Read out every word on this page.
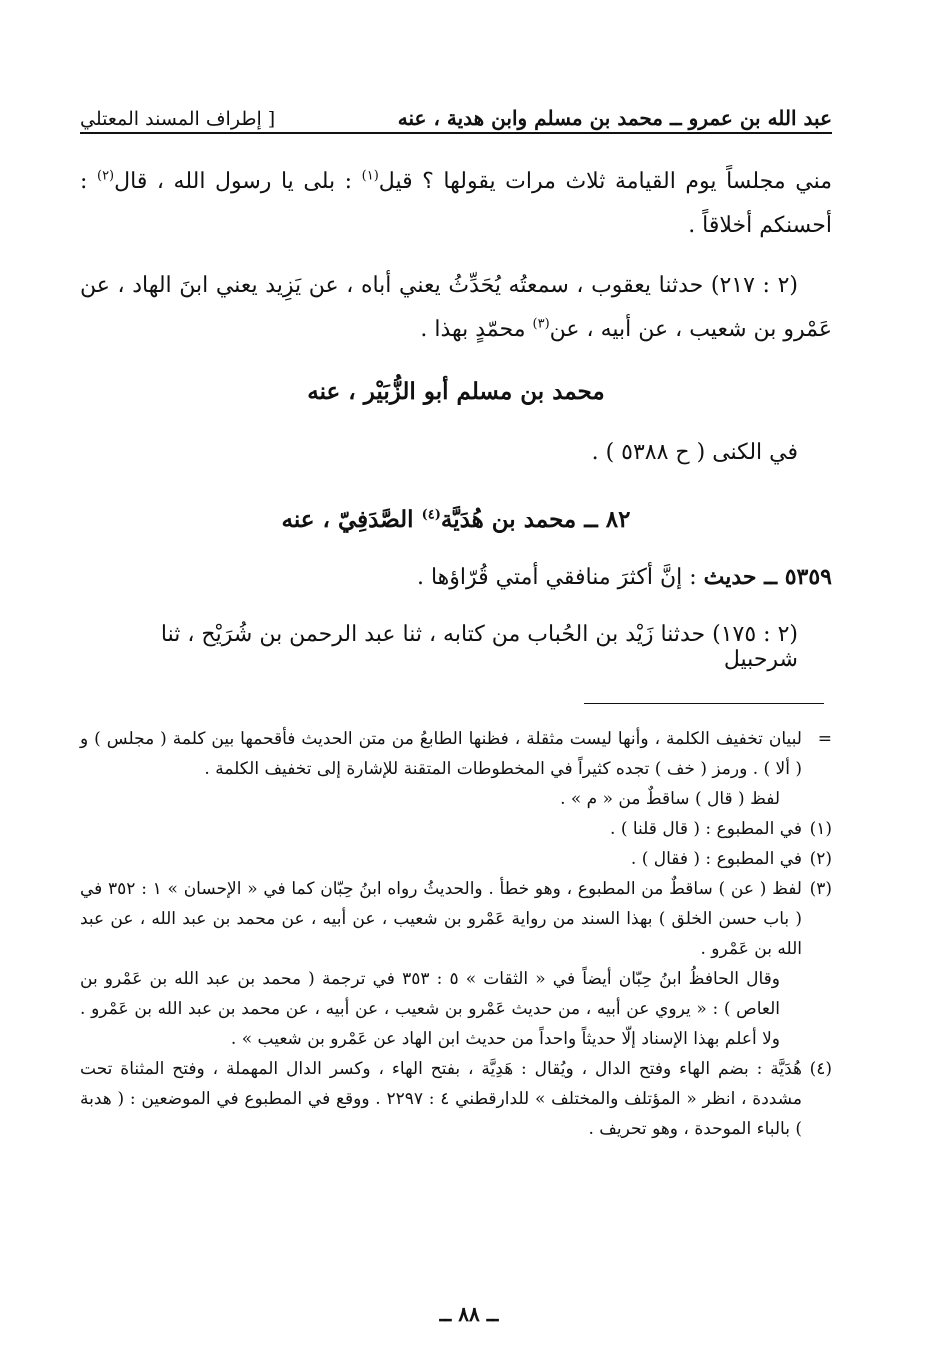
عبد الله بن عمرو ــ محمد بن مسلم وابن هدية ، عنه
[ إطراف المسند المعتلي
مني مجلساً يوم القيامة ثلاث مرات يقولها ؟ قيل$^{(١)}$ : بلى يا رسول الله ، قال$^{(٢)}$ : أحسنكم أخلاقاً .
(٢ : ٢١٧) حدثنا يعقوب ، سمعتُه يُحَدِّثُ يعني أباه ، عن يَزِيد يعني ابنَ الهاد ، عن عَمْرو بن شعيب ، عن أبيه ، عن$^{(٣)}$ محمّدٍ بهذا .
محمد بن مسلم أبو الزُّبَيْر ، عنه
في الكنى ( ح ٥٣٨٨ ) .
٨٢ ــ محمد بن هُدَيَّة$^{(٤)}$ الصَّدَفِيّ ، عنه
٥٣٥٩ ــ حديث : إنَّ أكثرَ منافقي أمتي قُرّاؤها .
(٢ : ١٧٥) حدثنا زَيْد بن الحُباب من كتابه ، ثنا عبد الرحمن بن شُرَيْح ، ثنا شرحبيل
=
لبيان تخفيف الكلمة ، وأنها ليست مثقلة ، فظنها الطابعُ من متن الحديث فأقحمها بين كلمة ( مجلس ) و ( ألا ) . ورمز ( خف ) تجده كثيراً في المخطوطات المتقنة للإشارة إلى تخفيف الكلمة .
لفظ ( قال ) ساقطٌ من « م » .
(١)
في المطبوع : ( قال قلنا ) .
(٢)
في المطبوع : ( فقال ) .
(٣)
لفظ ( عن ) ساقطٌ من المطبوع ، وهو خطأ . والحديثُ رواه ابنُ حِبّان كما في « الإحسان » ١ : ٣٥٢ في ( باب حسن الخلق ) بهذا السند من رواية عَمْرو بن شعيب ، عن أبيه ، عن محمد بن عبد الله ، عن عبد الله بن عَمْرو .
وقال الحافظُ ابنُ حِبّان أيضاً في « الثقات » ٥ : ٣٥٣ في ترجمة ( محمد بن عبد الله بن عَمْرو بن العاص ) : « يروي عن أبيه ، من حديث عَمْرو بن شعيب ، عن أبيه ، عن محمد بن عبد الله بن عَمْرو . ولا أعلم بهذا الإسناد إلّا حديثاً واحداً من حديث ابن الهاد عن عَمْرو بن شعيب » .
(٤)
هُدَيَّة : بضم الهاء وفتح الدال ، ويُقال : هَدِيَّة ، بفتح الهاء ، وكسر الدال المهملة ، وفتح المثناة تحت مشددة ، انظر « المؤتلف والمختلف » للدارقطني ٤ : ٢٢٩٧ . ووقع في المطبوع في الموضعين : ( هدبة ) بالباء الموحدة ، وهو تحريف .
ــ ٨٨ ــ
